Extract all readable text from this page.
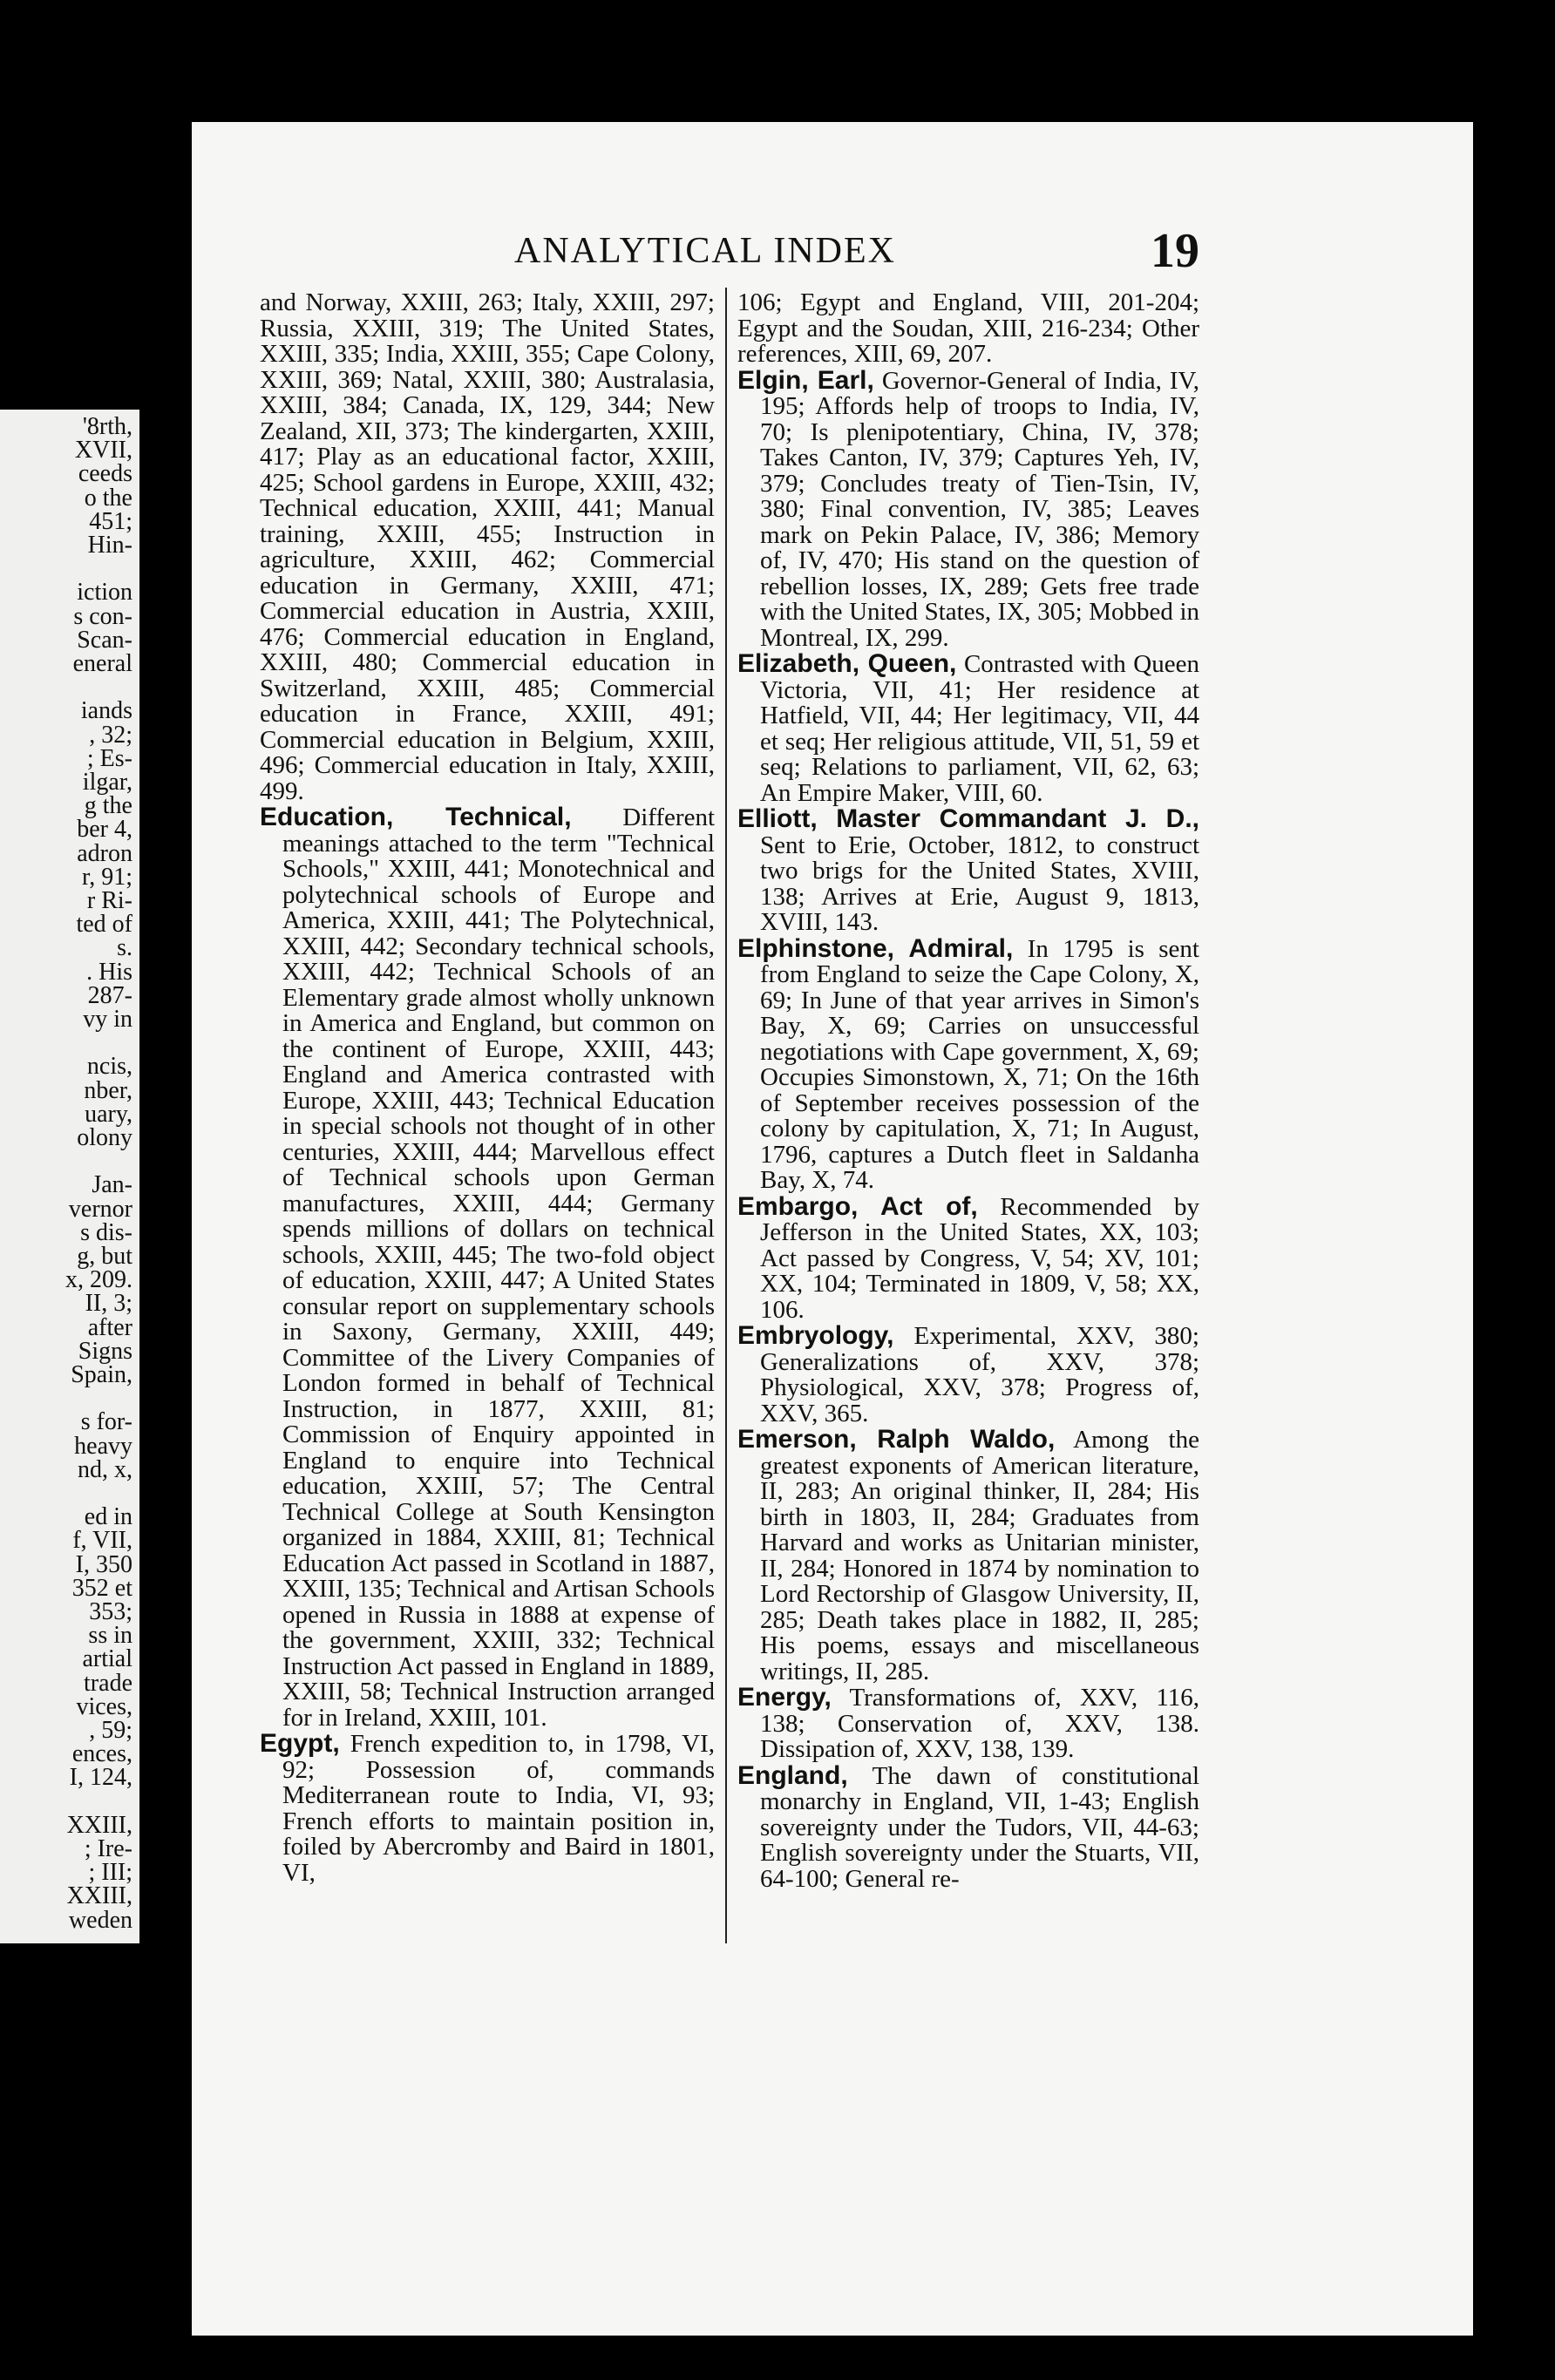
'8rth,
XVII,
ceeds
o the
451;
Hin-
iction
s con-
Scan-
eneral
iands
, 32;
; Es-
ilgar,
g the
ber 4,
adron
r, 91;
r Ri-
ted of
s.
. His
287-
vy in
ncis,
nber,
uary,
olony
Jan-
vernor
s dis-
g, but
x, 209.
II, 3;
after
Signs
Spain,
s for-
heavy
nd, x,
ed in
f, VII,
I, 350
352 et
353;
ss in
artial
trade
vices,
, 59;
ences,
I, 124,
XXIII,
; Ire-
; III;
XXIII,
weden
ANALYTICAL INDEX	19

and Norway, XXIII, 263; Italy, XXIII, 297; Russia, XXIII, 319; The United States, XXIII, 335; India, XXIII, 355; Cape Colony, XXIII, 369; Natal, XXIII, 380; Australasia, XXIII, 384; Canada, IX, 129, 344; New Zealand, XII, 373; The kindergarten, XXIII, 417; Play as an educational factor, XXIII, 425; School gardens in Europe, XXIII, 432; Technical education, XXIII, 441; Manual training, XXIII, 455; Instruction in agriculture, XXIII, 462; Commercial education in Germany, XXIII, 471; Commercial education in Austria, XXIII, 476; Commercial education in England, XXIII, 480; Commercial education in Switzerland, XXIII, 485; Commercial education in France, XXIII, 491; Commercial education in Belgium, XXIII, 496; Commercial education in Italy, XXIII, 499.

Education, Technical, Different meanings attached to the term "Technical Schools," XXIII, 441; Monotechnical and polytechnical schools of Europe and America, XXIII, 441; The Polytechnical, XXIII, 442; Secondary technical schools, XXIII, 442; Technical Schools of an Elementary grade almost wholly unknown in America and England, but common on the continent of Europe, XXIII, 443; England and America contrasted with Europe, XXIII, 443; Technical Education in special schools not thought of in other centuries, XXIII, 444; Marvellous effect of Technical schools upon German manufactures, XXIII, 444; Germany spends millions of dollars on technical schools, XXIII, 445; The two-fold object of education, XXIII, 447; A United States consular report on supplementary schools in Saxony, Germany, XXIII, 449; Committee of the Livery Companies of London formed in behalf of Technical Instruction, in 1877, XXIII, 81; Commission of Enquiry appointed in England to enquire into Technical education, XXIII, 57; The Central Technical College at South Kensington organized in 1884, XXIII, 81; Technical Education Act passed in Scotland in 1887, XXIII, 135; Technical and Artisan Schools opened in Russia in 1888 at expense of the government, XXIII, 332; Technical Instruction Act passed in England in 1889, XXIII, 58; Technical Instruction arranged for in Ireland, XXIII, 101.

Egypt, French expedition to, in 1798, VI, 92; Possession of, commands Mediterranean route to India, VI, 93; French efforts to maintain position in, foiled by Abercromby and Baird in 1801, VI,

106; Egypt and England, VIII, 201-204; Egypt and the Soudan, XIII, 216-234; Other references, XIII, 69, 207.

Elgin, Earl, Governor-General of India, IV, 195; Affords help of troops to India, IV, 70; Is plenipotentiary, China, IV, 378; Takes Canton, IV, 379; Captures Yeh, IV, 379; Concludes treaty of Tien-Tsin, IV, 380; Final convention, IV, 385; Leaves mark on Pekin Palace, IV, 386; Memory of, IV, 470; His stand on the question of rebellion losses, IX, 289; Gets free trade with the United States, IX, 305; Mobbed in Montreal, IX, 299.

Elizabeth, Queen, Contrasted with Queen Victoria, VII, 41; Her residence at Hatfield, VII, 44; Her legitimacy, VII, 44 et seq; Her religious attitude, VII, 51, 59 et seq; Relations to parliament, VII, 62, 63; An Empire Maker, VIII, 60.

Elliott, Master Commandant J. D., Sent to Erie, October, 1812, to construct two brigs for the United States, XVIII, 138; Arrives at Erie, August 9, 1813, XVIII, 143.

Elphinstone, Admiral, In 1795 is sent from England to seize the Cape Colony, X, 69; In June of that year arrives in Simon's Bay, X, 69; Carries on unsuccessful negotiations with Cape government, X, 69; Occupies Simonstown, X, 71; On the 16th of September receives possession of the colony by capitulation, X, 71; In August, 1796, captures a Dutch fleet in Saldanha Bay, X, 74.

Embargo, Act of, Recommended by Jefferson in the United States, XX, 103; Act passed by Congress, V, 54; XV, 101; XX, 104; Terminated in 1809, V, 58; XX, 106.

Embryology, Experimental, XXV, 380; Generalizations of, XXV, 378; Physiological, XXV, 378; Progress of, XXV, 365.

Emerson, Ralph Waldo, Among the greatest exponents of American literature, II, 283; An original thinker, II, 284; His birth in 1803, II, 284; Graduates from Harvard and works as Unitarian minister, II, 284; Honored in 1874 by nomination to Lord Rectorship of Glasgow University, II, 285; Death takes place in 1882, II, 285; His poems, essays and miscellaneous writings, II, 285.

Energy, Transformations of, XXV, 116, 138; Conservation of, XXV, 138. Dissipation of, XXV, 138, 139.

England, The dawn of constitutional monarchy in England, VII, 1-43; English sovereignty under the Tudors, VII, 44-63; English sovereignty under the Stuarts, VII, 64-100; General re-
